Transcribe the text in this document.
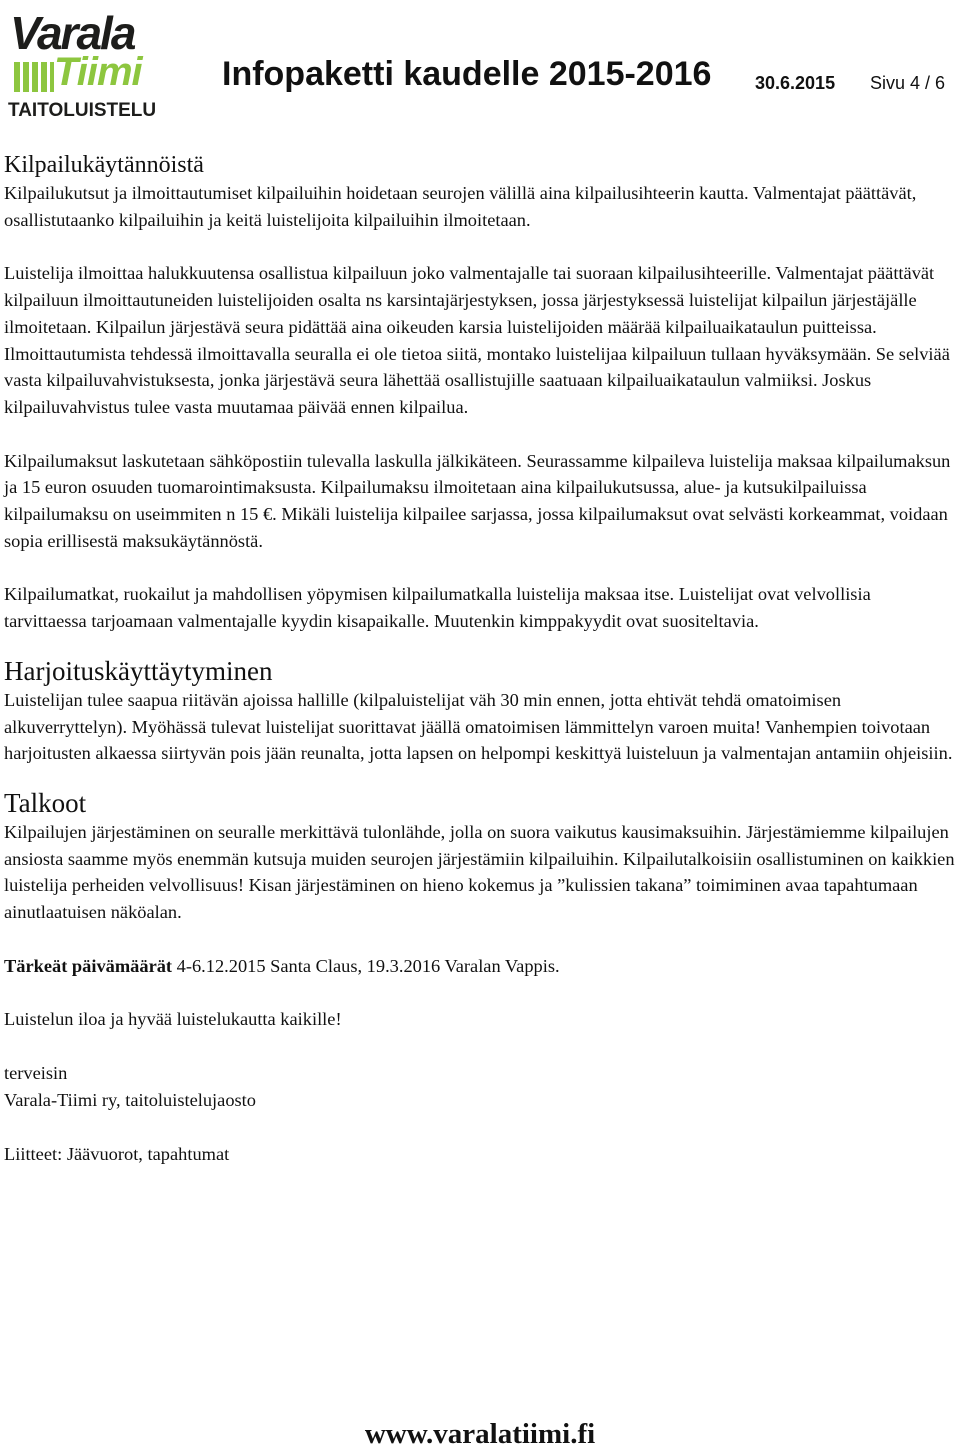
Varala
Tiimi
TAITOLUISTELU
Infopaketti kaudelle 2015-2016 30.6.2015 Sivu 4 / 6
Kilpailukäytännöistä

Kilpailukutsut ja ilmoittautumiset kilpailuihin hoidetaan seurojen välillä aina kilpailusihteerin kautta. Valmentajat päättävät, osallistutaanko kilpailuihin ja keitä luistelijoita kilpailuihin ilmoitetaan.

Luistelija ilmoittaa halukkuutensa osallistua kilpailuun joko valmentajalle tai suoraan kilpailusihteerille. Valmentajat päättävät kilpailuun ilmoittautuneiden luistelijoiden osalta ns karsintajärjestyksen, jossa järjestyksessä luistelijat kilpailun järjestäjälle ilmoitetaan. Kilpailun järjestävä seura pidättää aina oikeuden karsia luistelijoiden määrää kilpailuaikataulun puitteissa. Ilmoittautumista tehdessä ilmoittavalla seuralla ei ole tietoa siitä, montako luistelijaa kilpailuun tullaan hyväksymään. Se selviää vasta kilpailuvahvistuksesta, jonka järjestävä seura lähettää osallistujille saatuaan kilpailuaikataulun valmiiksi. Joskus kilpailuvahvistus tulee vasta muutamaa päivää ennen kilpailua.

Kilpailumaksut laskutetaan sähköpostiin tulevalla laskulla jälkikäteen. Seurassamme kilpaileva luistelija maksaa kilpailumaksun ja 15 euron osuuden tuomarointimaksusta. Kilpailumaksu ilmoitetaan aina kilpailukutsussa, alue- ja kutsukilpailuissa kilpailumaksu on useimmiten n 15 €. Mikäli luistelija kilpailee sarjassa, jossa kilpailumaksut ovat selvästi korkeammat, voidaan sopia erillisestä maksukäytännöstä.

Kilpailumatkat, ruokailut ja mahdollisen yöpymisen kilpailumatkalla luistelija maksaa itse. Luistelijat ovat velvollisia tarvittaessa tarjoamaan valmentajalle kyydin kisapaikalle. Muutenkin kimppakyydit ovat suositeltavia.

Harjoituskäyttäytyminen

Luistelijan tulee saapua riitävän ajoissa hallille (kilpaluistelijat väh 30 min ennen, jotta ehtivät tehdä omatoimisen alkuverryttelyn). Myöhässä tulevat luistelijat suorittavat jäällä omatoimisen lämmittelyn varoen muita! Vanhempien toivotaan harjoitusten alkaessa siirtyvän pois jään reunalta, jotta lapsen on helpompi keskittyä luisteluun ja valmentajan antamiin ohjeisiin.

Talkoot

Kilpailujen järjestäminen on seuralle merkittävä tulonlähde, jolla on suora vaikutus kausimaksuihin. Järjestämiemme kilpailujen ansiosta saamme myös enemmän kutsuja muiden seurojen järjestämiin kilpailuihin. Kilpailutalkoisiin osallistuminen on kaikkien luistelija perheiden velvollisuus! Kisan järjestäminen on hieno kokemus ja ”kulissien takana” toimiminen avaa tapahtumaan ainutlaatuisen näköalan.

Tärkeät päivämäärät 4-6.12.2015 Santa Claus, 19.3.2016 Varalan Vappis.

Luistelun iloa ja hyvää luistelukautta kaikille!

terveisin

Varala-Tiimi ry, taitoluistelujaosto

Liitteet: Jäävuorot, tapahtumat

www.varalatiimi.fi
